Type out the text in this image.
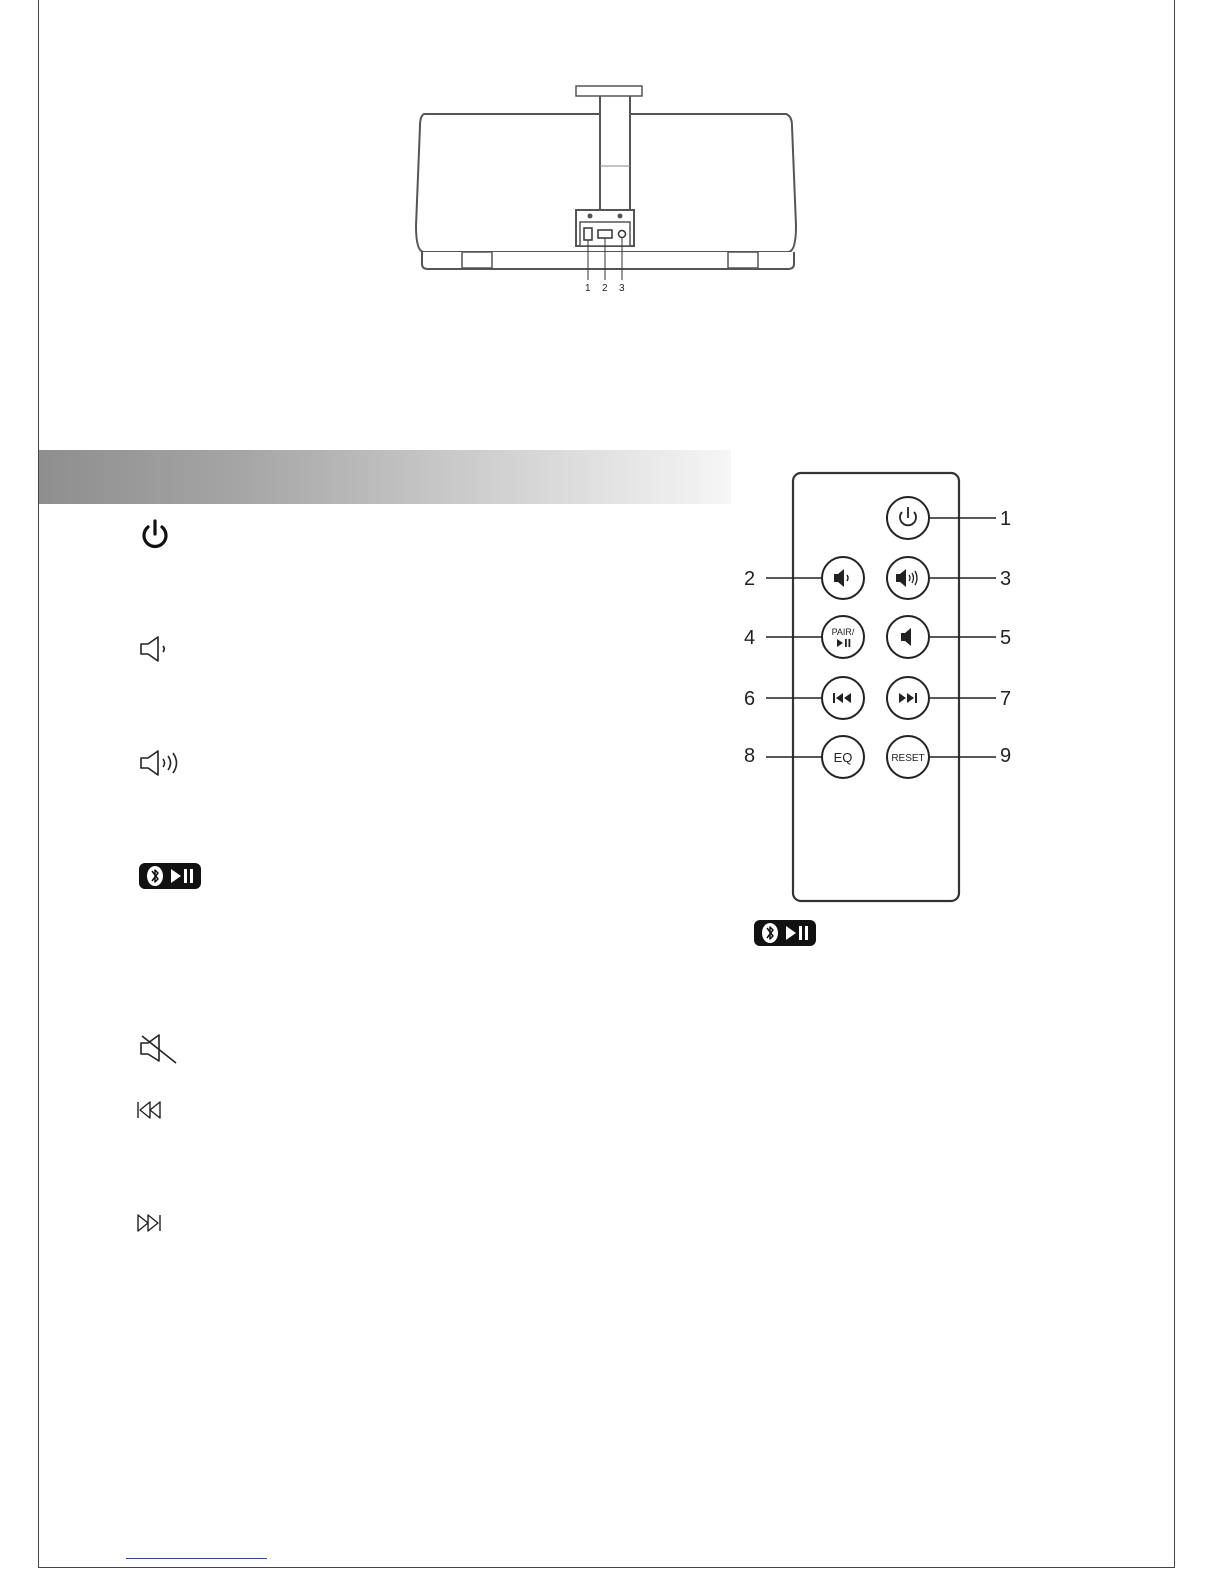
1 2 3
PAIR/
EQ	RESET
1
2	3
4	5
6	7
8	9
